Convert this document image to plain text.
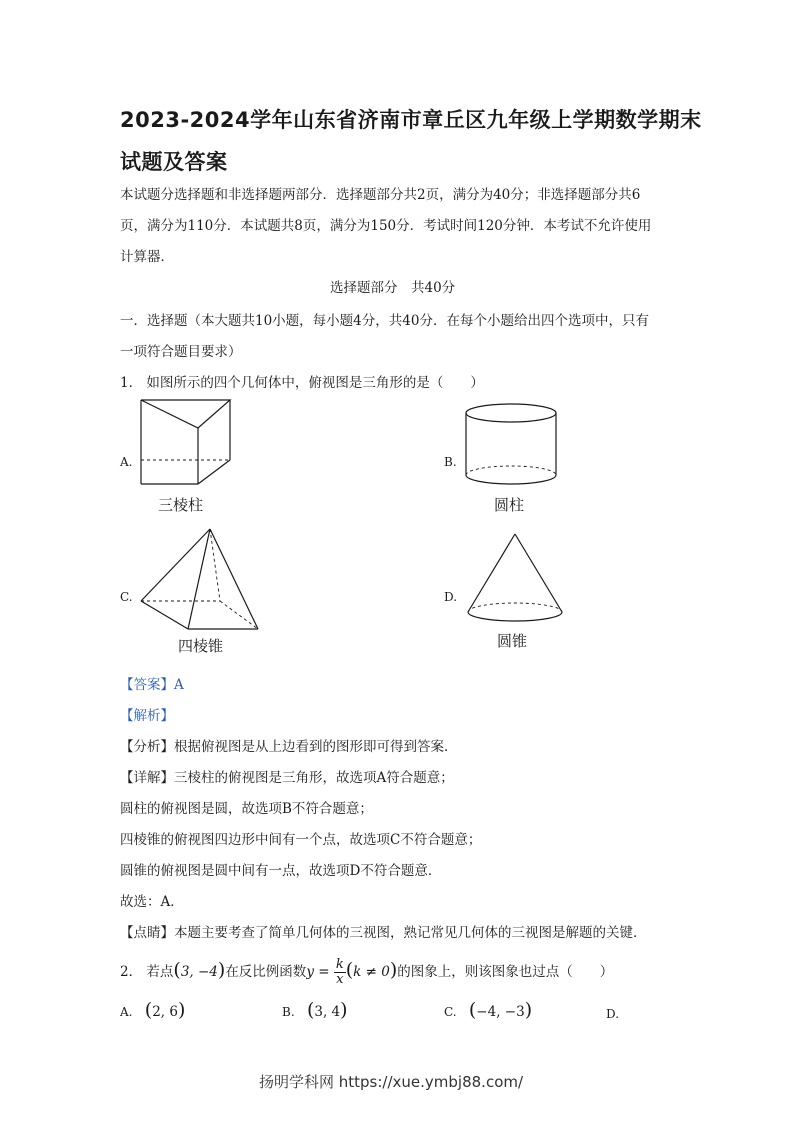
2023-2024学年山东省济南市章丘区九年级上学期数学期末
试题及答案
本试题分选择题和非选择题两部分．选择题部分共2页，满分为40分；非选择题部分共6
页，满分为110分．本试题共8页，满分为150分．考试时间120分钟．本考试不允许使用
计算器．
选择题部分　共40分
一．选择题（本大题共10小题，每小题4分，共40分．在每个小题给出四个选项中，只有
一项符合题目要求）
1． 如图所示的四个几何体中，俯视图是三角形的是（　　）
A.
三棱柱
B.
圆柱
C.
四棱锥
D.
圆锥
【答案】A
【解析】
【分析】根据俯视图是从上边看到的图形即可得到答案．
【详解】三棱柱的俯视图是三角形，故选项A符合题意；
圆柱的俯视图是圆，故选项B不符合题意；
四棱锥的俯视图四边形中间有一个点，故选项C不符合题意；
圆锥的俯视图是圆中间有一点，故选项D不符合题意．
故选：A．
【点睛】本题主要考查了简单几何体的三视图，熟记常见几何体的三视图是解题的关键．
2． 若点(3, −4)在反比例函数$y = \frac{k}{x} (k \ne 0)$的图象上，则该图象也过点（　　）
A. (2, 6)	B. (3, 4)	C. (−4, −3)	D.
扬明学科网 https://xue.ymbj88.com/
